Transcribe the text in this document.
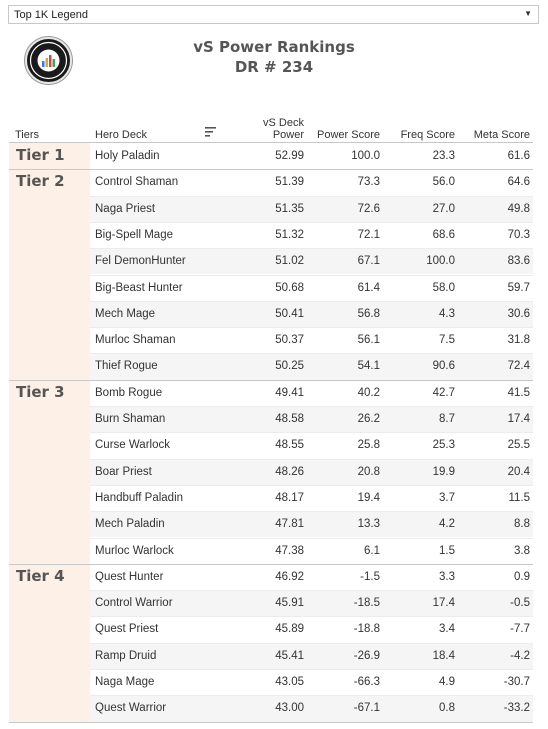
Top 1K Legend	▼
vS Power Rankings
DR # 234
Tiers	Hero Deck
vS Deck
Power	Power Score	Freq Score	Meta Score
Tier 1	Holy Paladin	52.99	100.0	23.3	61.6
Tier 2	Control Shaman	51.39	73.3	56.0	64.6
Naga Priest	51.35	72.6	27.0	49.8
Big-Spell Mage	51.32	72.1	68.6	70.3
Fel DemonHunter	51.02	67.1	100.0	83.6
Big-Beast Hunter	50.68	61.4	58.0	59.7
Mech Mage	50.41	56.8	4.3	30.6
Murloc Shaman	50.37	56.1	7.5	31.8
Thief Rogue	50.25	54.1	90.6	72.4
Tier 3	Bomb Rogue	49.41	40.2	42.7	41.5
Burn Shaman	48.58	26.2	8.7	17.4
Curse Warlock	48.55	25.8	25.3	25.5
Boar Priest	48.26	20.8	19.9	20.4
Handbuff Paladin	48.17	19.4	3.7	11.5
Mech Paladin	47.81	13.3	4.2	8.8
Murloc Warlock	47.38	6.1	1.5	3.8
Tier 4	Quest Hunter	46.92	-1.5	3.3	0.9
Control Warrior	45.91	-18.5	17.4	-0.5
Quest Priest	45.89	-18.8	3.4	-7.7
Ramp Druid	45.41	-26.9	18.4	-4.2
Naga Mage	43.05	-66.3	4.9	-30.7
Quest Warrior	43.00	-67.1	0.8	-33.2
